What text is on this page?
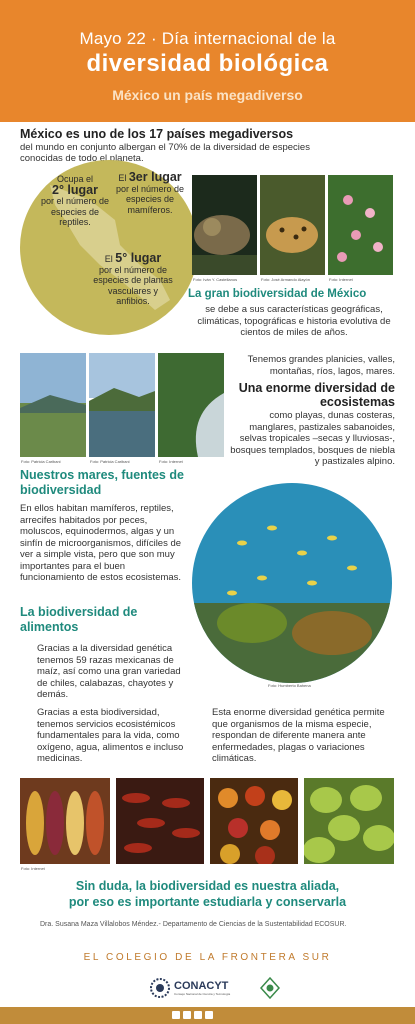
Mayo 22 · Día internacional de la
diversidad biológica
México un país megadiverso
México es uno de los 17 países megadiversos
del mundo en conjunto albergan el 70% de la diversidad de especies conocidas de todo el planeta.
Ocupa el
2° lugar
por el número de especies de reptiles.
El 3er lugar
por el número de especies de mamíferos.
El 5° lugar
por el número de especies de plantas vasculares y anfibios.
Foto: Iván Y. Castellanos	Foto: José Armando Alayón	Foto: Internet
La gran biodiversidad de México
se debe a sus características geográficas, climáticas, topográficas e historia evolutiva de cientos de miles de años.
Foto: Patricia Caribani	Foto: Patricia Caribani	Foto: Internet
Tenemos grandes planicies, valles, montañas, ríos, lagos, mares.
Una enorme diversidad de ecosistemas
como playas, dunas costeras, manglares, pastizales sabanoides, selvas tropicales –secas y lluviosas-, bosques templados, bosques de niebla y pastizales alpino.
Nuestros mares, fuentes de biodiversidad
En ellos habitan mamíferos, reptiles, arrecifes habitados por peces, moluscos, equinodermos, algas y un sinfín de microorganismos, difíciles de ver a simple vista, pero que son muy importantes para el buen funcionamiento de estos ecosistemas.
Foto: Humberto Bahena
La biodiversidad de alimentos
Gracias a la diversidad genética tenemos 59 razas mexicanas de maíz, así como una gran variedad de chiles, calabazas, chayotes y demás.
Gracias a esta biodiversidad, tenemos servicios ecosistémicos fundamentales para la vida, como oxígeno, agua, alimentos e incluso medicinas.
Esta enorme diversidad genética permite que organismos de la misma especie, respondan de diferente manera ante enfermedades, plagas o variaciones climáticas.
Foto: Internet
Sin duda, la biodiversidad es nuestra aliada,
por eso es importante estudiarla y conservarla
Dra. Susana Maza Villalobos Méndez.- Departamento de Ciencias de la Sustentabilidad ECOSUR.
EL COLEGIO DE LA FRONTERA SUR
CONACYT
Consejo Nacional de Ciencia y Tecnología
